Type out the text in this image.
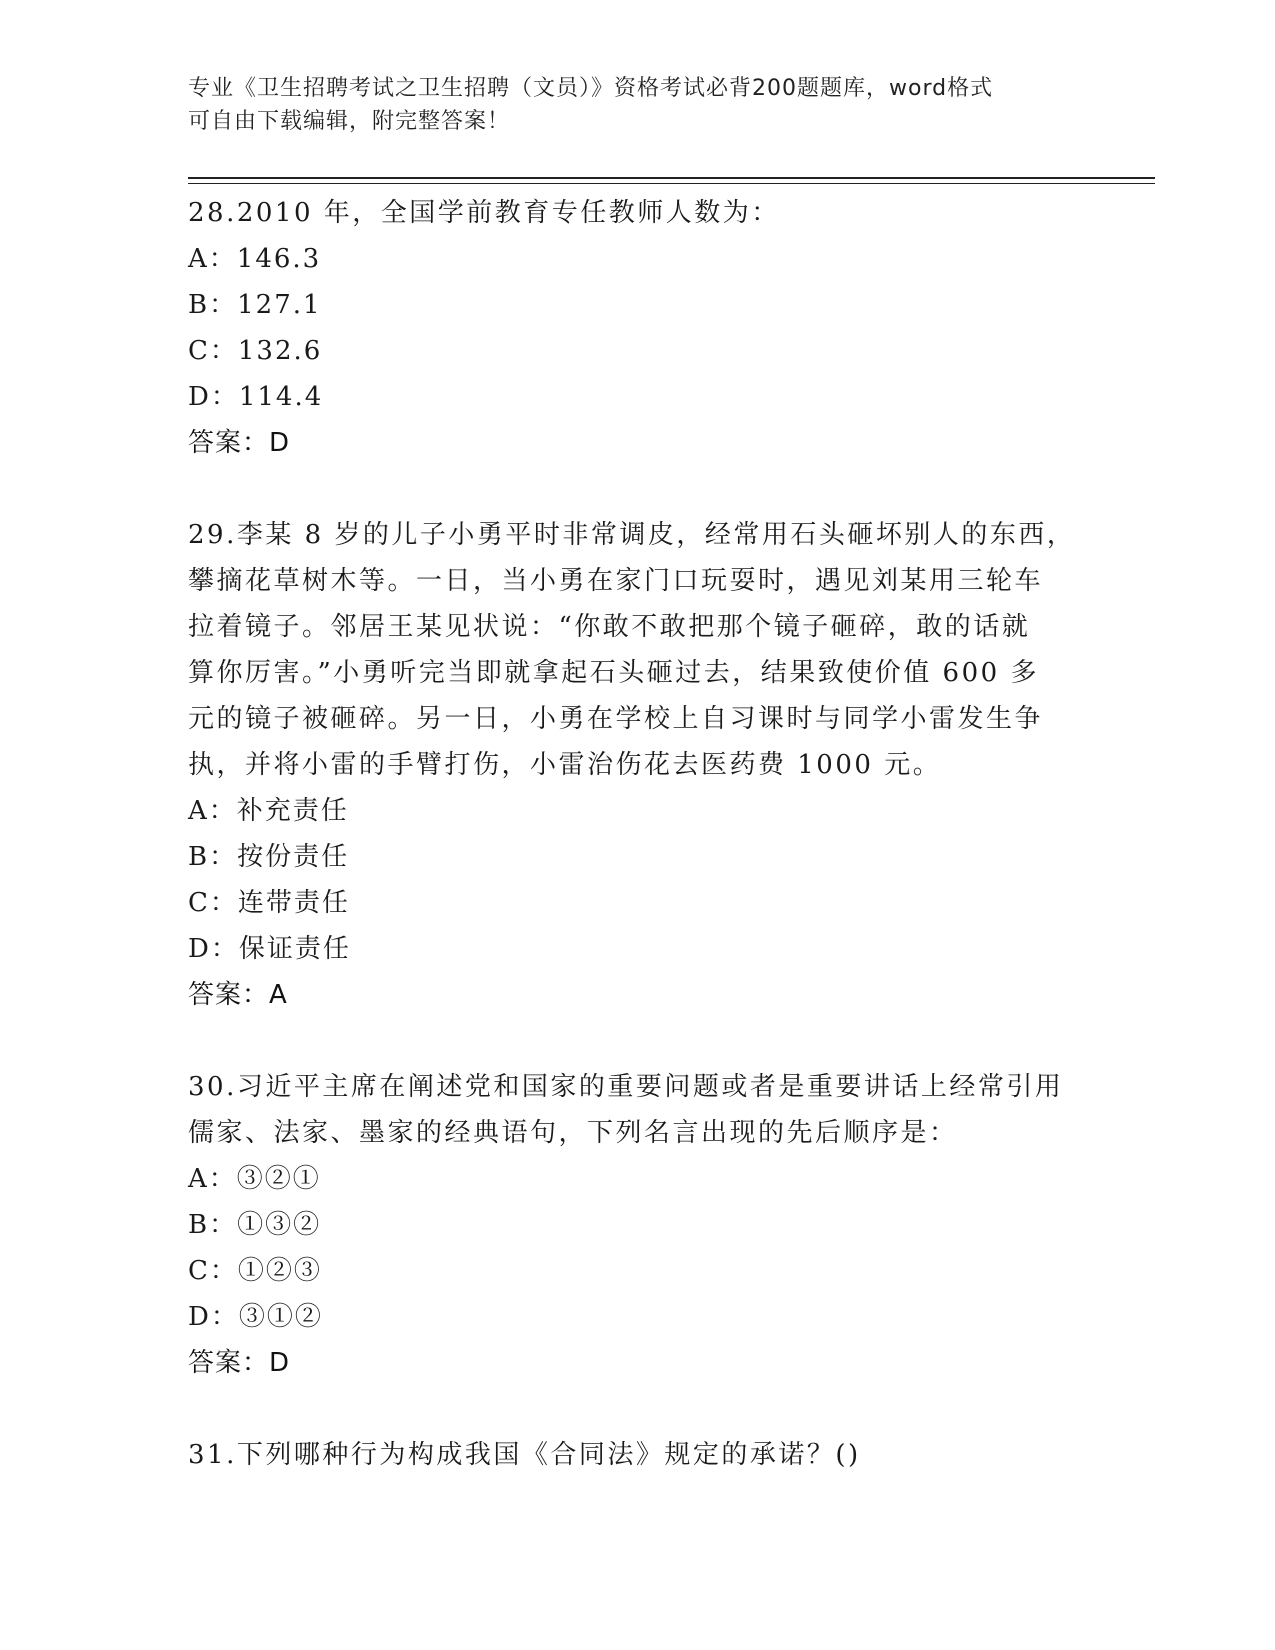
专业《卫生招聘考试之卫生招聘（文员）》资格考试必背200题题库，word格式
可自由下载编辑，附完整答案！
28.2010 年，全国学前教育专任教师人数为：
A：146.3
B：127.1
C：132.6
D：114.4
答案：D
29.李某 8 岁的儿子小勇平时非常调皮，经常用石头砸坏别人的东西，
攀摘花草树木等。一日，当小勇在家门口玩耍时，遇见刘某用三轮车
拉着镜子。邻居王某见状说：“你敢不敢把那个镜子砸碎，敢的话就
算你厉害。”小勇听完当即就拿起石头砸过去，结果致使价值 600 多
元的镜子被砸碎。另一日，小勇在学校上自习课时与同学小雷发生争
执，并将小雷的手臂打伤，小雷治伤花去医药费 1000 元。
A：补充责任
B：按份责任
C：连带责任
D：保证责任
答案：A
30.习近平主席在阐述党和国家的重要问题或者是重要讲话上经常引用
儒家、法家、墨家的经典语句，下列名言出现的先后顺序是：
A：③②①
B：①③②
C：①②③
D：③①②
答案：D
31.下列哪种行为构成我国《合同法》规定的承诺？()
